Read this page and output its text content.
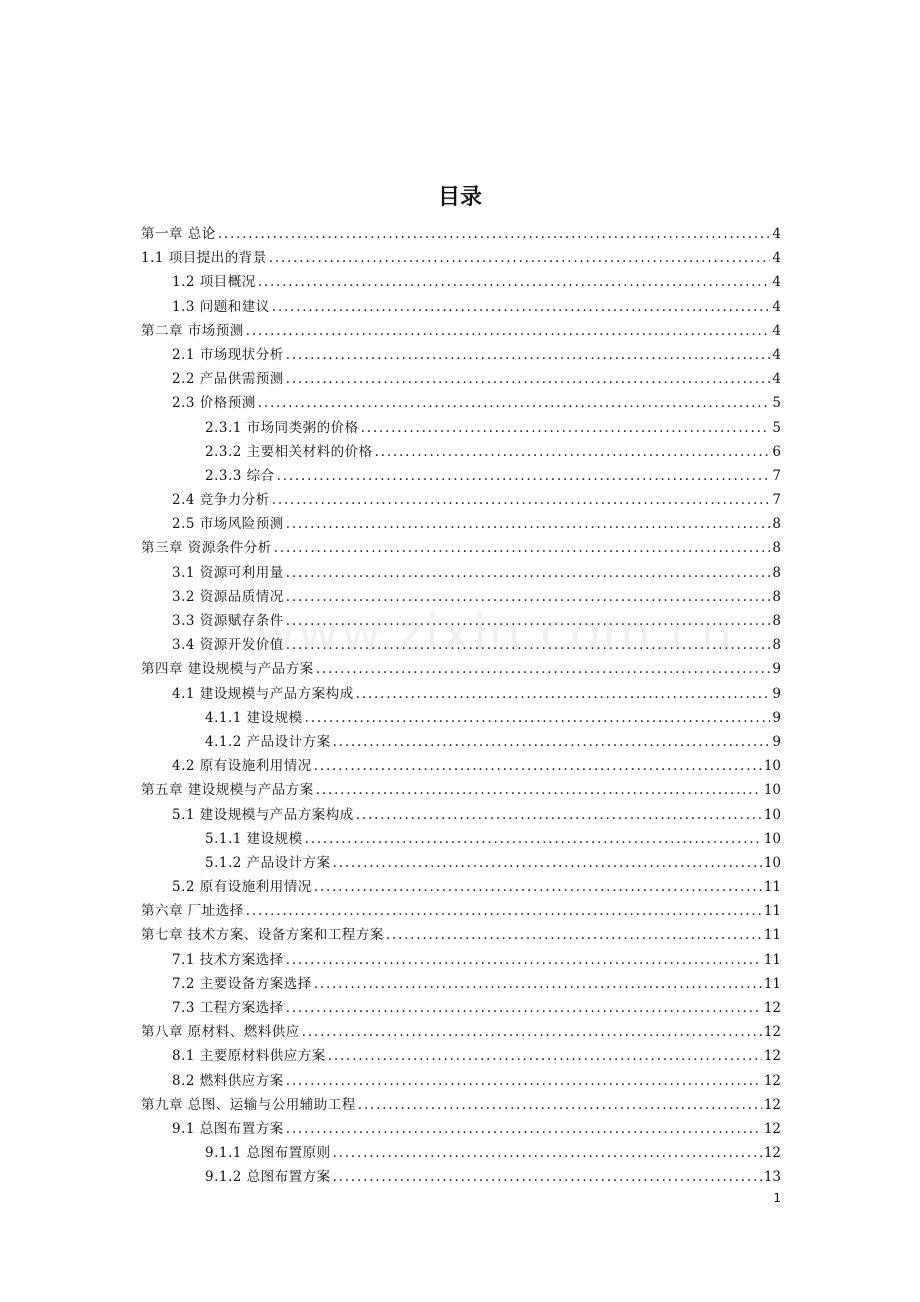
目录
第一章 总论 .....	4
1.1 项目提出的背景 .....	4
1.2 项目概况 .....	4
1.3 问题和建议 .....	4
第二章 市场预测 .....	4
2.1 市场现状分析 .....	4
2.2 产品供需预测 .....	4
2.3 价格预测 .....	5
2.3.1 市场同类粥的价格 .....	5
2.3.2 主要相关材料的价格 .....	6
2.3.3 综合 .....	7
2.4 竞争力分析 .....	7
2.5 市场风险预测 .....	8
第三章 资源条件分析 .....	8
3.1 资源可利用量 .....	8
3.2 资源品质情况 .....	8
3.3 资源赋存条件 .....	8
3.4 资源开发价值 .....	8
第四章 建设规模与产品方案 .....	9
4.1 建设规模与产品方案构成 .....	9
4.1.1 建设规模 .....	9
4.1.2 产品设计方案 .....	9
4.2 原有设施利用情况 .....	10
第五章 建设规模与产品方案 .....	10
5.1 建设规模与产品方案构成 .....	10
5.1.1 建设规模 .....	10
5.1.2 产品设计方案 .....	10
5.2 原有设施利用情况 .....	11
第六章 厂址选择 .....	11
第七章 技术方案、设备方案和工程方案 .....	11
7.1 技术方案选择 .....	11
7.2 主要设备方案选择 .....	11
7.3 工程方案选择 .....	12
第八章 原材料、燃料供应 .....	12
8.1 主要原材料供应方案 .....	12
8.2 燃料供应方案 .....	12
第九章 总图、运输与公用辅助工程 .....	12
9.1 总图布置方案 .....	12
9.1.1 总图布置原则 .....	12
9.1.2 总图布置方案 .....	13
www.zixin.com.cn
1
